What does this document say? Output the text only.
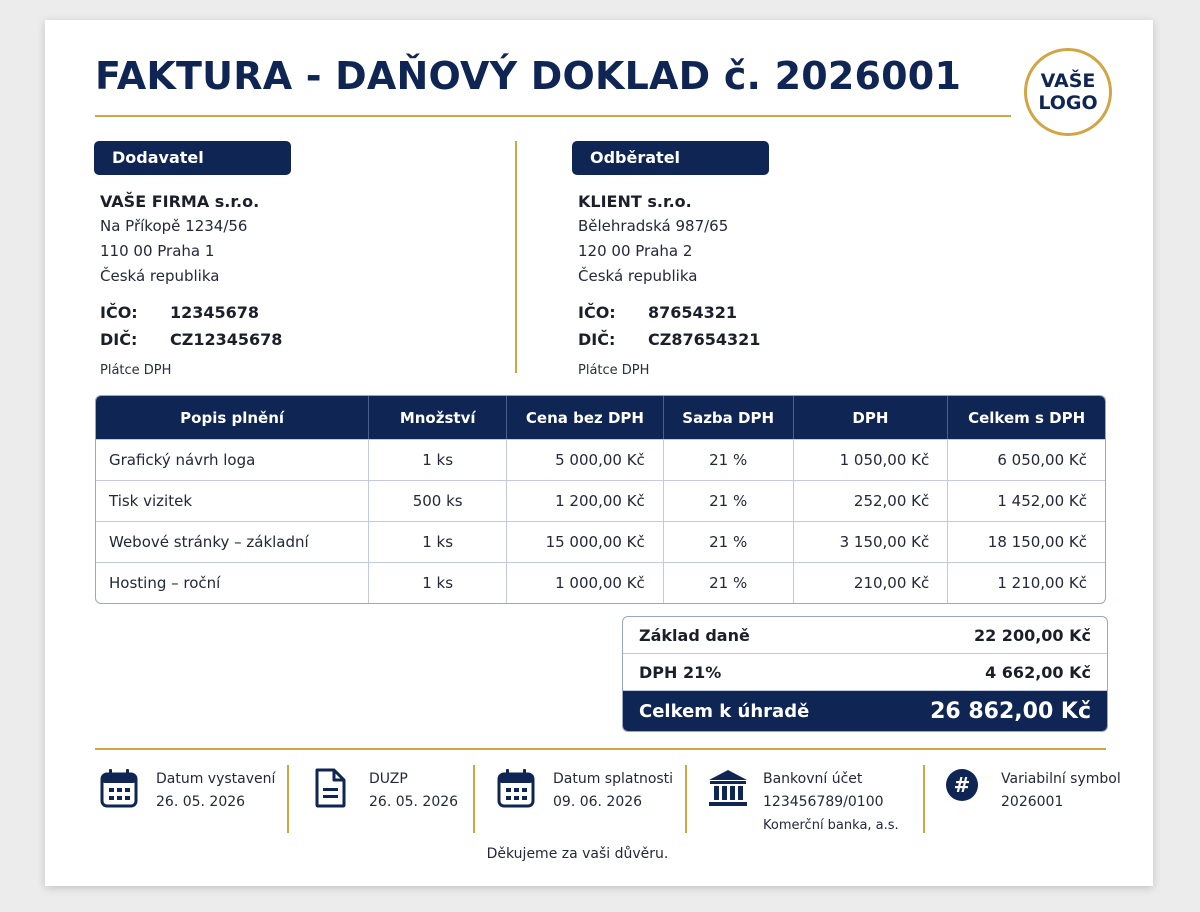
FAKTURA - DAŇOVÝ DOKLAD č. 2026001	VAŠE
LOGO
Dodavatel
VAŠE FIRMA s.r.o.
Na Příkopě 1234/56
110 00 Praha 1
Česká republika
IČO:	12345678
DIČ:	CZ12345678
Plátce DPH
Odběratel
KLIENT s.r.o.
Bělehradská 987/65
120 00 Praha 2
Česká republika
IČO:	87654321
DIČ:	CZ87654321
Plátce DPH
Popis plnění	Množství	Cena bez DPH	Sazba DPH	DPH	Celkem s DPH
Grafický návrh loga	1 ks	5 000,00 Kč	21 %	1 050,00 Kč	6 050,00 Kč
Tisk vizitek	500 ks	1 200,00 Kč	21 %	252,00 Kč	1 452,00 Kč
Webové stránky – základní	1 ks	15 000,00 Kč	21 %	3 150,00 Kč	18 150,00 Kč
Hosting – roční	1 ks	1 000,00 Kč	21 %	210,00 Kč	1 210,00 Kč
Základ daně	22 200,00 Kč
DPH 21%	4 662,00 Kč
Celkem k úhradě	26 862,00 Kč
Datum vystavení
26. 05. 2026
DUZP
26. 05. 2026
Datum splatnosti
09. 06. 2026
Bankovní účet
123456789/0100
Komerční banka, a.s.
# Variabilní symbol
2026001
Děkujeme za vaši důvěru.
